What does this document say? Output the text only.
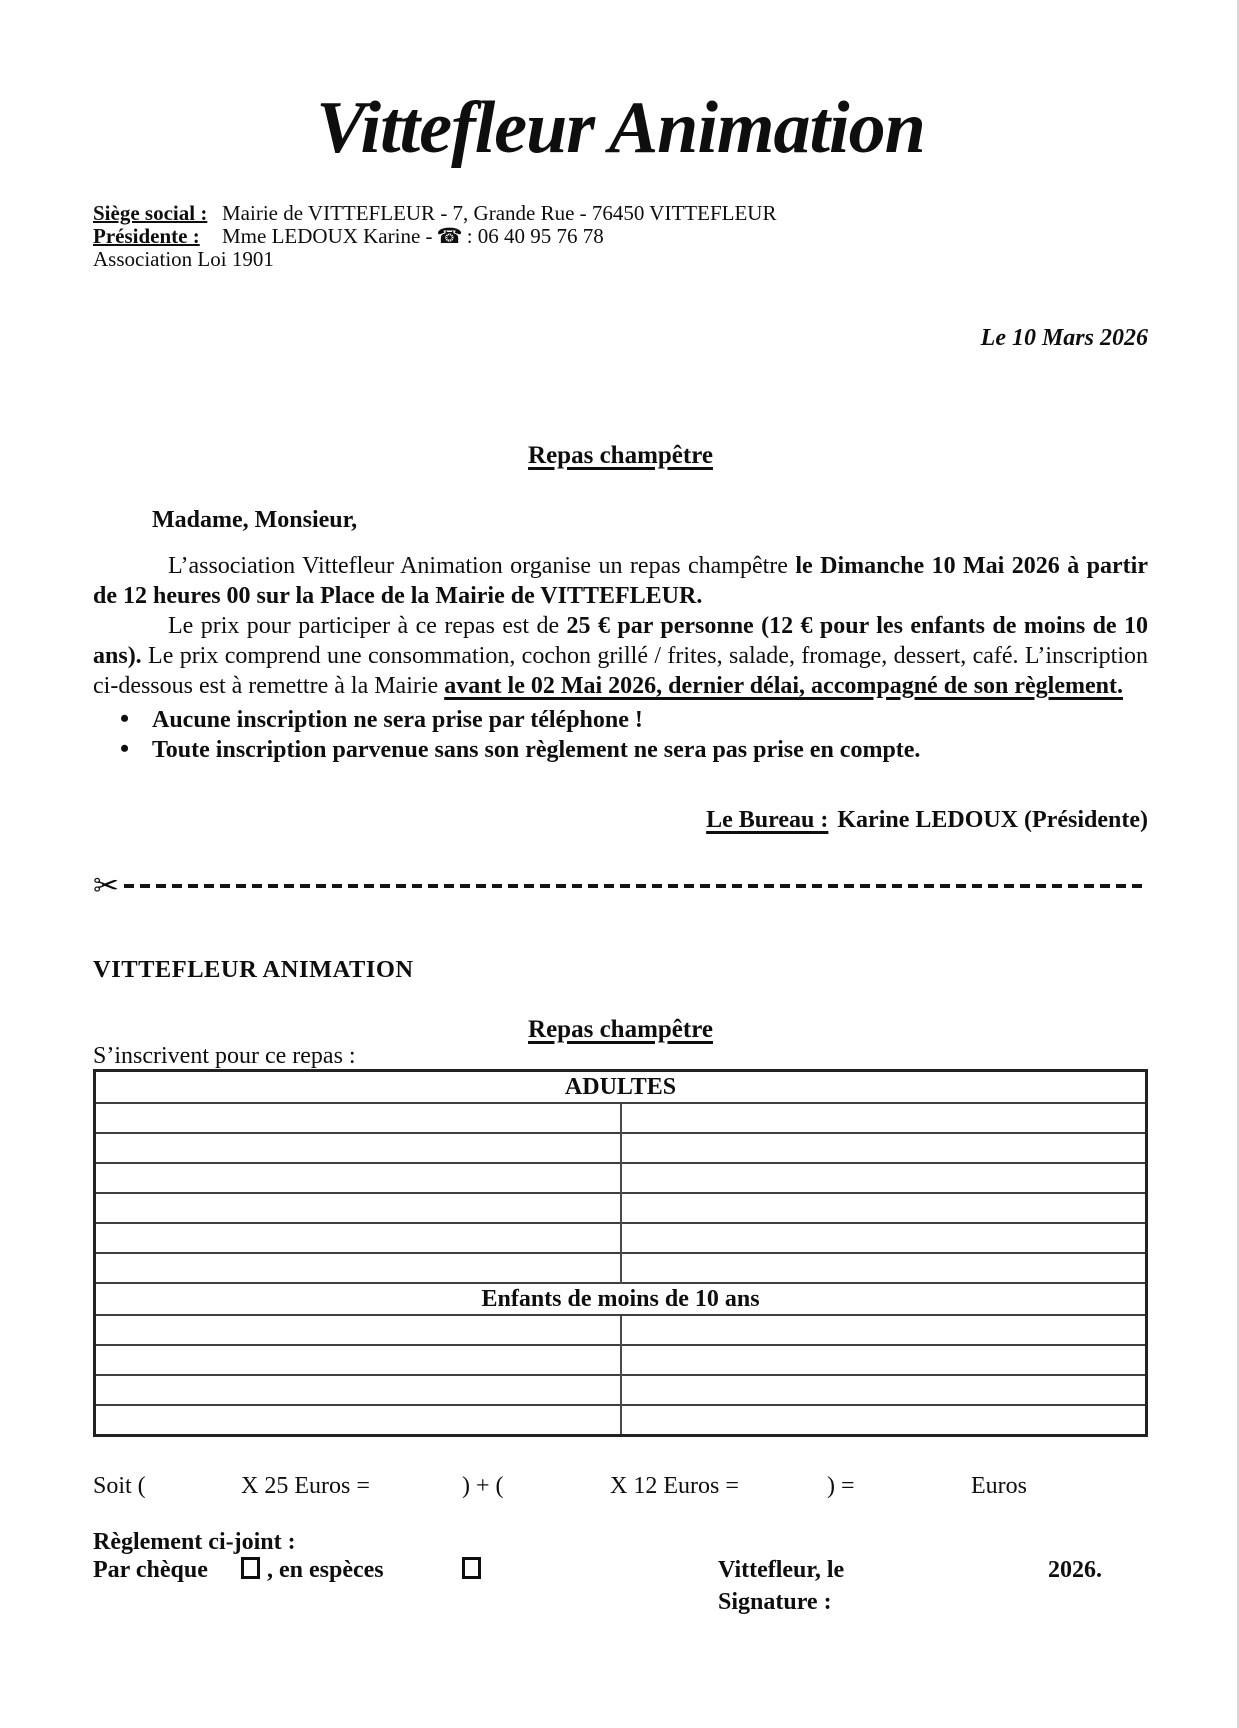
Vittefleur Animation
Siège social : Mairie de VITTEFLEUR - 7, Grande Rue - 76450 VITTEFLEUR
Présidente : Mme LEDOUX Karine - ☎ : 06 40 95 76 78
Association Loi 1901
Le 10 Mars 2026
Repas champêtre
Madame, Monsieur,

L’association Vittefleur Animation organise un repas champêtre le Dimanche 10 Mai 2026 à partir de 12 heures 00 sur la Place de la Mairie de VITTEFLEUR.

Le prix pour participer à ce repas est de 25 € par personne (12 € pour les enfants de moins de 10 ans). Le prix comprend une consommation, cochon grillé / frites, salade, fromage, dessert, café. L’inscription ci-dessous est à remettre à la Mairie avant le 02 Mai 2026, dernier délai, accompagné de son règlement.

• Aucune inscription ne sera prise par téléphone !
• Toute inscription parvenue sans son règlement ne sera pas prise en compte.
Le Bureau : Karine LEDOUX (Présidente)
✂
VITTEFLEUR ANIMATION
Repas champêtre
S’inscrivent pour ce repas :
ADULTES	

Enfants de moins de 10 ans	

Soit (	X 25 Euros =	) + (	X 12 Euros =	) =	Euros
Règlement ci-joint :
Par chèque , en espèces	Vittefleur, le	2026.
Signature :
